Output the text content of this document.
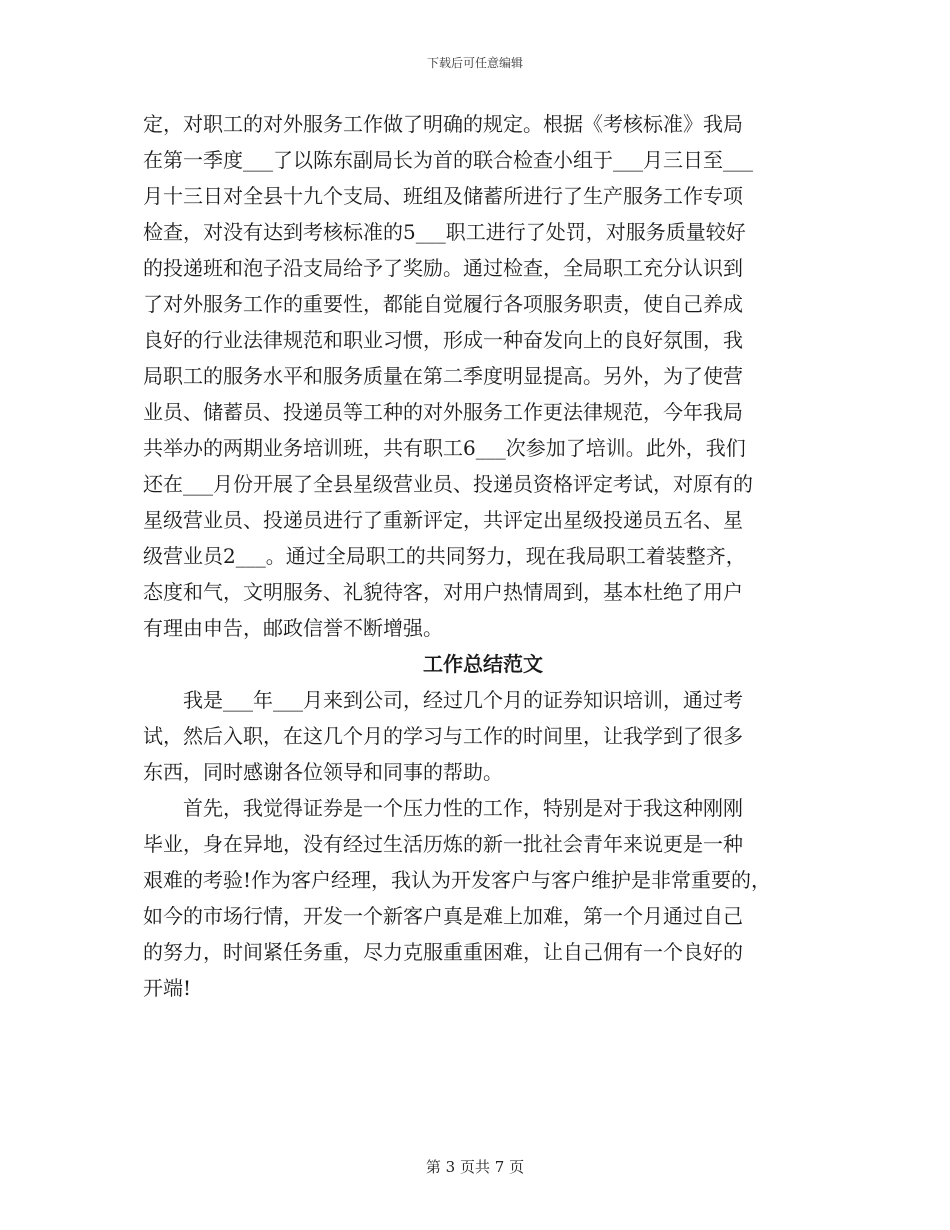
下载后可任意编辑
定，对职工的对外服务工作做了明确的规定。根据《考核标准》我局
在第一季度___了以陈东副局长为首的联合检查小组于___月三日至___
月十三日对全县十九个支局、班组及储蓄所进行了生产服务工作专项
检查，对没有达到考核标准的5___职工进行了处罚，对服务质量较好
的投递班和泡子沿支局给予了奖励。通过检查，全局职工充分认识到
了对外服务工作的重要性，都能自觉履行各项服务职责，使自己养成
良好的行业法律规范和职业习惯，形成一种奋发向上的良好氛围，我
局职工的服务水平和服务质量在第二季度明显提高。另外，为了使营
业员、储蓄员、投递员等工种的对外服务工作更法律规范，今年我局
共举办的两期业务培训班，共有职工6___次参加了培训。此外，我们
还在___月份开展了全县星级营业员、投递员资格评定考试，对原有的
星级营业员、投递员进行了重新评定，共评定出星级投递员五名、星
级营业员2___。通过全局职工的共同努力，现在我局职工着装整齐，
态度和气，文明服务、礼貌待客，对用户热情周到，基本杜绝了用户
有理由申告，邮政信誉不断增强。
工作总结范文
我是___年___月来到公司，经过几个月的证券知识培训，通过考
试，然后入职，在这几个月的学习与工作的时间里，让我学到了很多
东西，同时感谢各位领导和同事的帮助。
首先，我觉得证券是一个压力性的工作，特别是对于我这种刚刚
毕业，身在异地，没有经过生活历炼的新一批社会青年来说更是一种
艰难的考验!作为客户经理，我认为开发客户与客户维护是非常重要的，
如今的市场行情，开发一个新客户真是难上加难，第一个月通过自己
的努力，时间紧任务重，尽力克服重重困难，让自己佣有一个良好的
开端!
第 3 页共 7 页
